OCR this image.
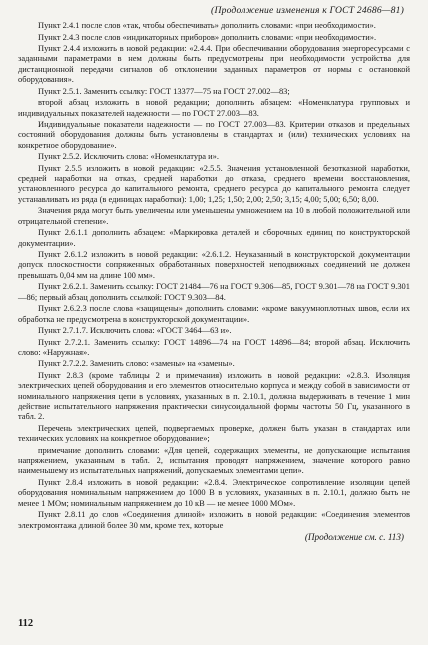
(Продолжение изменения к ГОСТ 24686—81)

Пункт 2.4.1 после слов «так, чтобы обеспечивать» дополнить словами: «при необходимости».

Пункт 2.4.3 после слов «индикаторных приборов» дополнить словами: «при необходимости».

Пункт 2.4.4 изложить в новой редакции: «2.4.4. При обеспечивании оборудования энергоресурсами с заданными параметрами в нем должны быть предусмотрены при необходимости устройства для дистанционной передачи сигналов об отклонении заданных параметров от нормы с остановкой оборудования».

Пункт 2.5.1. Заменить ссылку: ГОСТ 13377—75 на ГОСТ 27.002—83;

второй абзац изложить в новой редакции; дополнить абзацем: «Номенклатура групповых и индивидуальных показателей надежности — по ГОСТ 27.003—83.

Индивидуальные показатели надежности — по ГОСТ 27.003—83. Критерии отказов и предельных состояний оборудования должны быть установлены в стандартах и (или) технических условиях на конкретное оборудование».

Пункт 2.5.2. Исключить слова: «Номенклатура и».

Пункт 2.5.5 изложить в новой редакции: «2.5.5. Значения установленной безотказной наработки, средней наработки на отказ, средней наработки до отказа, среднего времени восстановления, установленного ресурса до капитального ремонта, среднего ресурса до капитального ремонта следует устанавливать из ряда (в единицах наработки): 1,00; 1,25; 1,50; 2,00; 2,50; 3,15; 4,00; 5,00; 6,50; 8,00.

Значения ряда могут быть увеличены или уменьшены умножением на 10 в любой положительной или отрицательной степени».

Пункт 2.6.1.1 дополнить абзацем: «Маркировка деталей и сборочных единиц по конструкторской документации».

Пункт 2.6.1.2 изложить в новой редакции: «2.6.1.2. Неуказанный в конструкторской документации допуск плоскостности сопряженных обработанных поверхностей неподвижных соединений не должен превышать 0,04 мм на длине 100 мм».

Пункт 2.6.2.1. Заменить ссылку: ГОСТ 21484—76 на ГОСТ 9.306—85, ГОСТ 9.301—78 на ГОСТ 9.301—86; первый абзац дополнить ссылкой: ГОСТ 9.303—84.

Пункт 2.6.2.3 после слова «защищены» дополнить словами: «кроме вакуумноплотных швов, если их обработка не предусмотрена в конструкторской документации».

Пункт 2.7.1.7. Исключить слова: «ГОСТ 3464—63 и».

Пункт 2.7.2.1. Заменить ссылку: ГОСТ 14896—74 на ГОСТ 14896—84; второй абзац. Исключить слово: «Наружная».

Пункт 2.7.2.2. Заменить слово: «замены» на «замены».

Пункт 2.8.3 (кроме таблицы 2 и примечания) изложить в новой редакции: «2.8.3. Изоляция электрических цепей оборудования и его элементов относительно корпуса и между собой в зависимости от номинального напряжения цепи в условиях, указанных в п. 2.10.1, должна выдерживать в течение 1 мин действие испытательного напряжения практически синусоидальной формы частоты 50 Гц, указанного в табл. 2.

Перечень электрических цепей, подвергаемых проверке, должен быть указан в стандартах или технических условиях на конкретное оборудование»;

примечание дополнить словами: «Для цепей, содержащих элементы, не допускающие испытания напряжением, указанным в табл. 2, испытания проводят напряжением, значение которого равно наименьшему из испытательных напряжений, допускаемых элементами цепи».

Пункт 2.8.4 изложить в новой редакции: «2.8.4. Электрическое сопротивление изоляции цепей оборудования номинальным напряжением до 1000 В в условиях, указанных в п. 2.10.1, должно быть не менее 1 МОм; номинальным напряжением до 10 кВ — не менее 1000 МОм».

Пункт 2.8.11 до слов «Соединения длиной» изложить в новой редакции: «Соединения элементов электромонтажа длиной более 30 мм, кроме тех, которые

(Продолжение см. с. 113)
112
